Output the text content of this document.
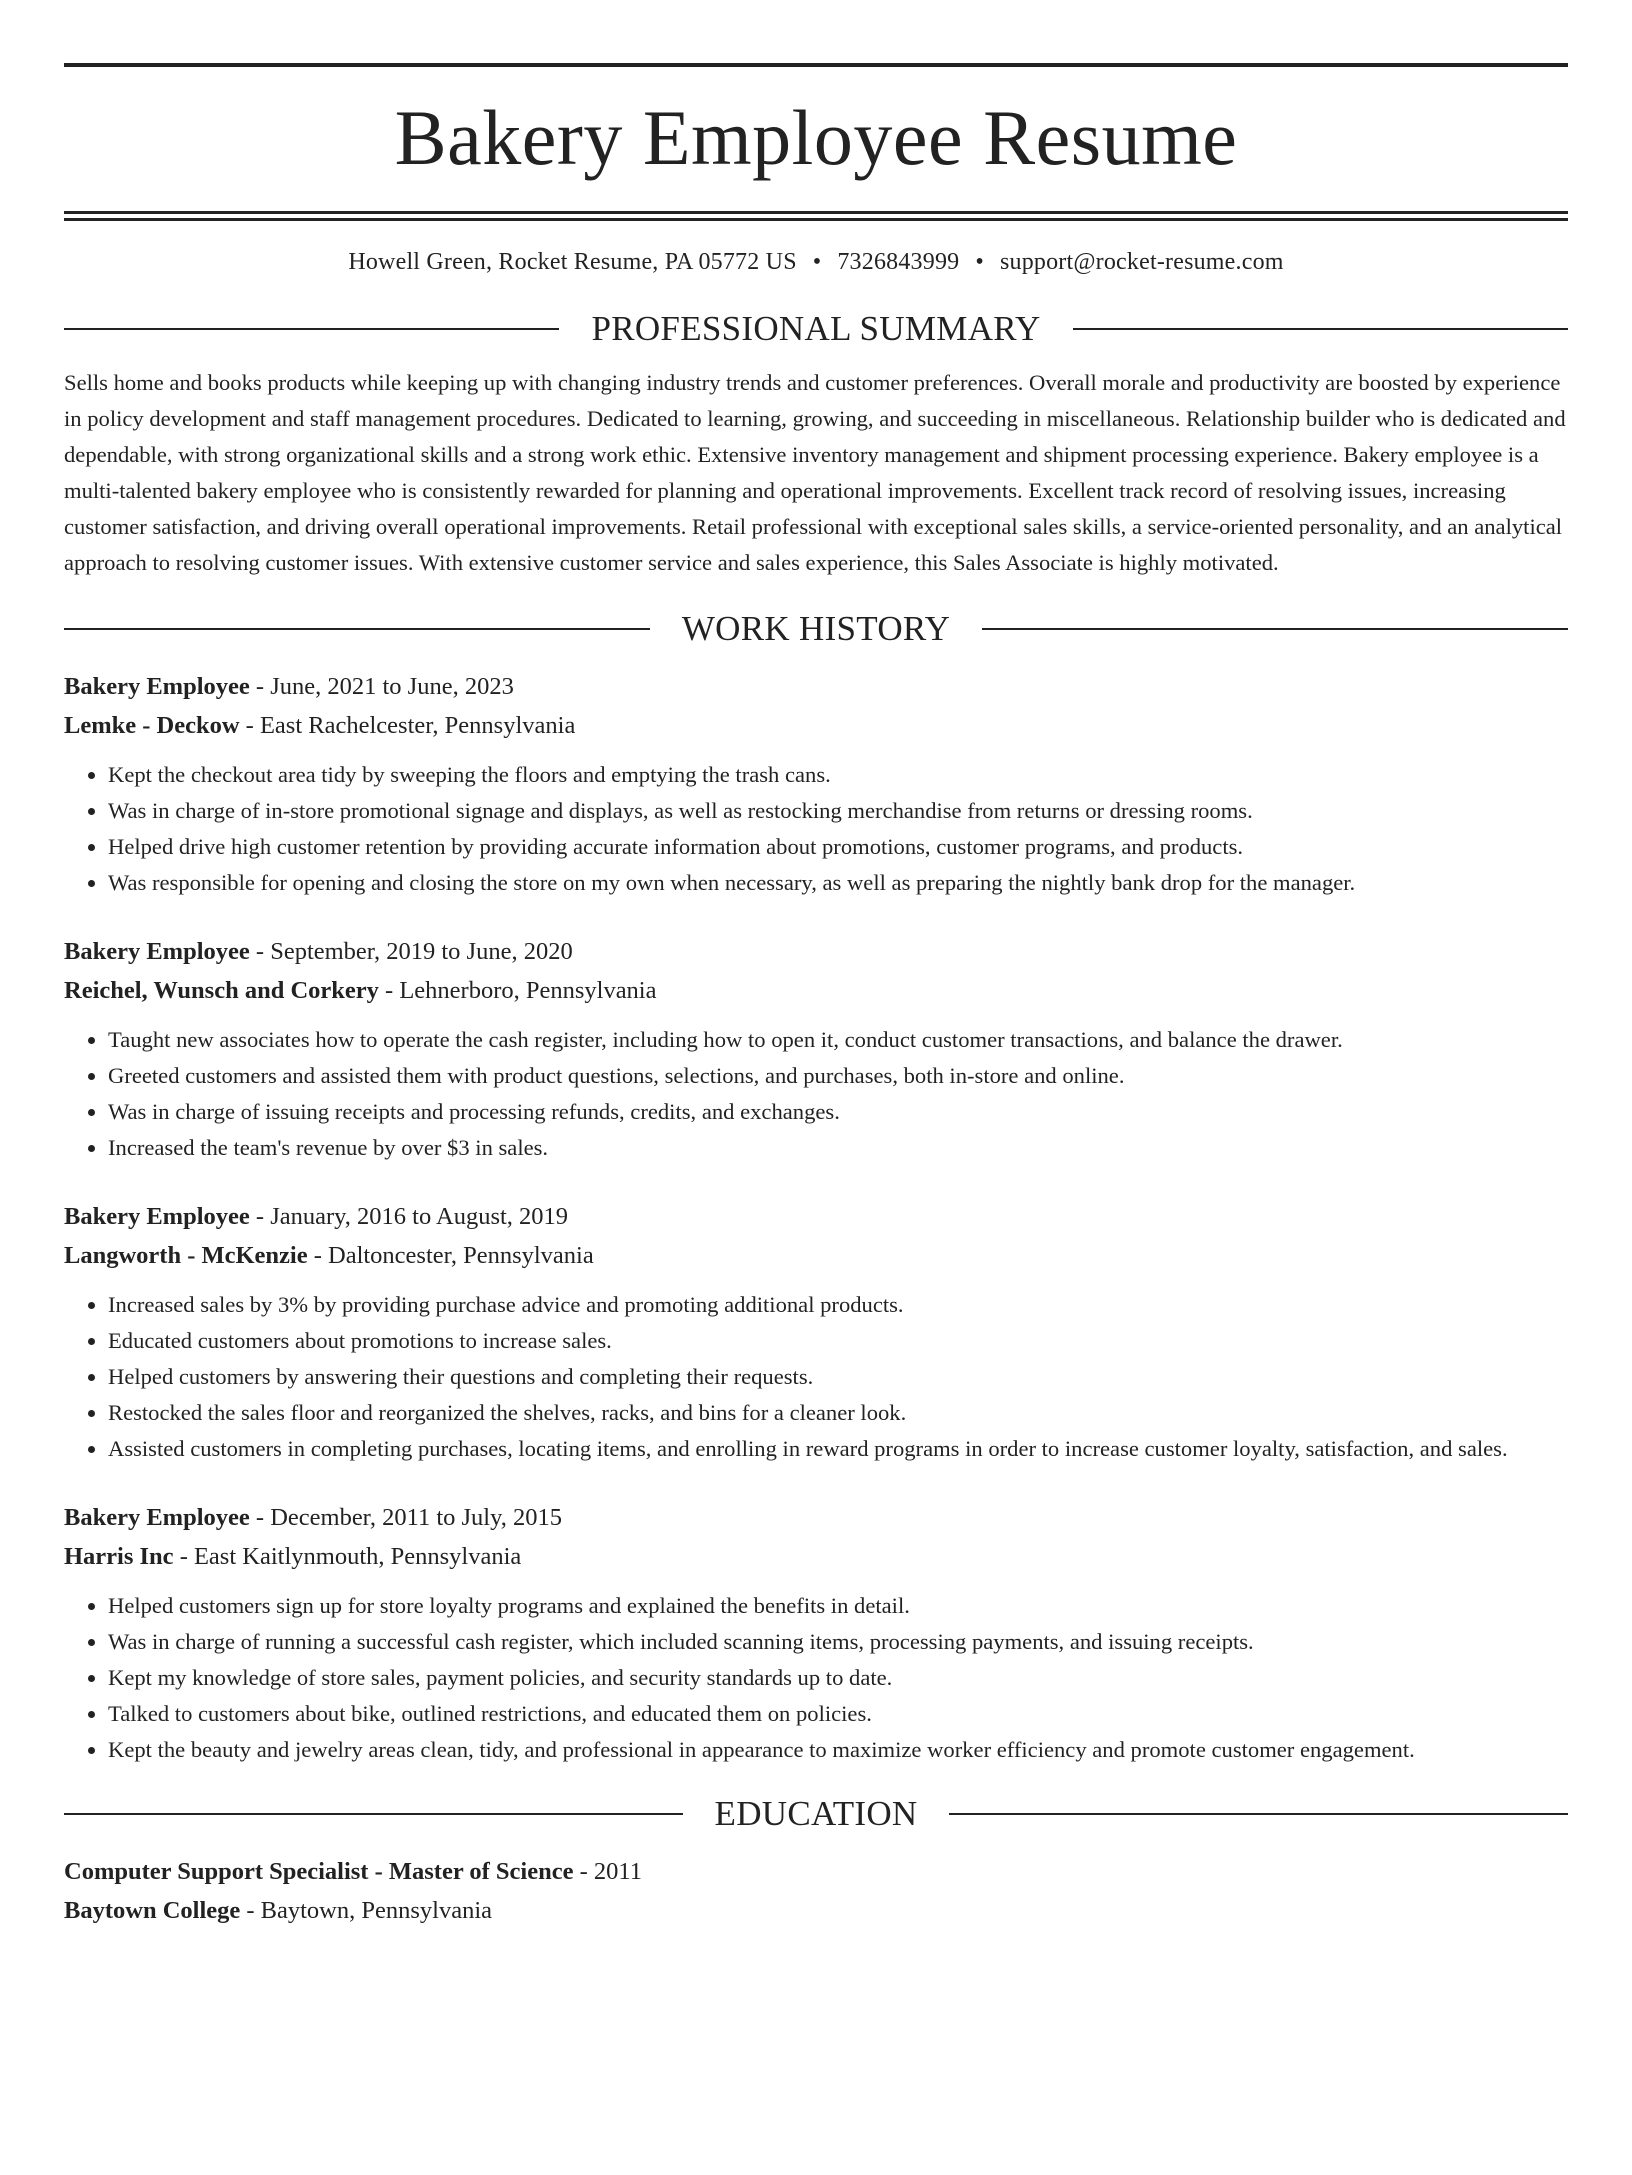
Bakery Employee Resume
Howell Green, Rocket Resume, PA 05772 US • 7326843999 • support@rocket-resume.com
PROFESSIONAL SUMMARY
Sells home and books products while keeping up with changing industry trends and customer preferences. Overall morale and productivity are boosted by experience in policy development and staff management procedures. Dedicated to learning, growing, and succeeding in miscellaneous. Relationship builder who is dedicated and dependable, with strong organizational skills and a strong work ethic. Extensive inventory management and shipment processing experience. Bakery employee is a multi-talented bakery employee who is consistently rewarded for planning and operational improvements. Excellent track record of resolving issues, increasing customer satisfaction, and driving overall operational improvements. Retail professional with exceptional sales skills, a service-oriented personality, and an analytical approach to resolving customer issues. With extensive customer service and sales experience, this Sales Associate is highly motivated.
WORK HISTORY
Bakery Employee - June, 2021 to June, 2023
Lemke - Deckow - East Rachelcester, Pennsylvania
• Kept the checkout area tidy by sweeping the floors and emptying the trash cans.
• Was in charge of in-store promotional signage and displays, as well as restocking merchandise from returns or dressing rooms.
• Helped drive high customer retention by providing accurate information about promotions, customer programs, and products.
• Was responsible for opening and closing the store on my own when necessary, as well as preparing the nightly bank drop for the manager.
Bakery Employee - September, 2019 to June, 2020
Reichel, Wunsch and Corkery - Lehnerboro, Pennsylvania
• Taught new associates how to operate the cash register, including how to open it, conduct customer transactions, and balance the drawer.
• Greeted customers and assisted them with product questions, selections, and purchases, both in-store and online.
• Was in charge of issuing receipts and processing refunds, credits, and exchanges.
• Increased the team's revenue by over $3 in sales.
Bakery Employee - January, 2016 to August, 2019
Langworth - McKenzie - Daltoncester, Pennsylvania
• Increased sales by 3% by providing purchase advice and promoting additional products.
• Educated customers about promotions to increase sales.
• Helped customers by answering their questions and completing their requests.
• Restocked the sales floor and reorganized the shelves, racks, and bins for a cleaner look.
• Assisted customers in completing purchases, locating items, and enrolling in reward programs in order to increase customer loyalty, satisfaction, and sales.
Bakery Employee - December, 2011 to July, 2015
Harris Inc - East Kaitlynmouth, Pennsylvania
• Helped customers sign up for store loyalty programs and explained the benefits in detail.
• Was in charge of running a successful cash register, which included scanning items, processing payments, and issuing receipts.
• Kept my knowledge of store sales, payment policies, and security standards up to date.
• Talked to customers about bike, outlined restrictions, and educated them on policies.
• Kept the beauty and jewelry areas clean, tidy, and professional in appearance to maximize worker efficiency and promote customer engagement.
EDUCATION
Computer Support Specialist - Master of Science - 2011
Baytown College - Baytown, Pennsylvania
